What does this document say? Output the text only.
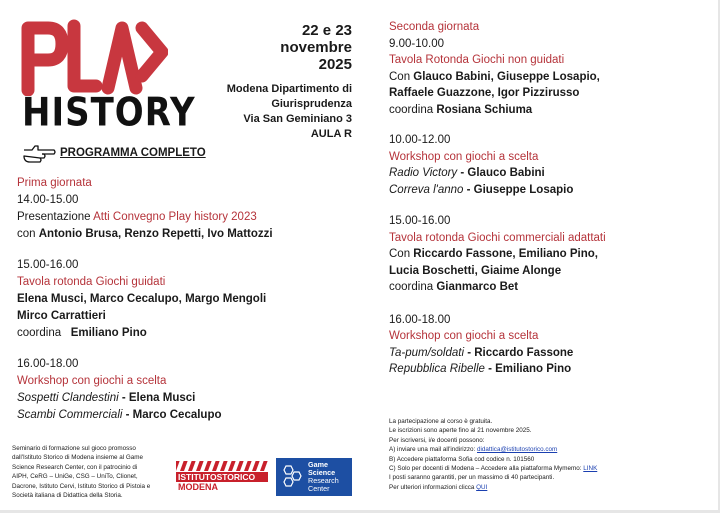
HISTORY
22 e 23
novembre
2025
Modena Dipartimento di
Giurisprudenza
Via San Geminiano 3
AULA R
PROGRAMMA COMPLETO
Prima giornata
14.00-15.00
Presentazione Atti Convegno Play history 2023
con Antonio Brusa, Renzo Repetti, Ivo Mattozzi
15.00-16.00
Tavola rotonda Giochi guidati
Elena Musci, Marco Cecalupo, Margo Mengoli
Mirco Carrattieri
coordina Emiliano Pino
16.00-18.00
Workshop con giochi a scelta
Sospetti Clandestini - Elena Musci
Scambi Commerciali - Marco Cecalupo
Seconda giornata
9.00-10.00
Tavola Rotonda Giochi non guidati
Con Glauco Babini, Giuseppe Losapio,
Raffaele Guazzone, Igor Pizzirusso
coordina Rosiana Schiuma
10.00-12.00
Workshop con giochi a scelta
Radio Victory - Glauco Babini
Correva l'anno - Giuseppe Losapio
15.00-16.00
Tavola rotonda Giochi commerciali adattati
Con Riccardo Fassone, Emiliano Pino,
Lucia Boschetti, Giaime Alonge
coordina Gianmarco Bet
16.00-18.00
Workshop con giochi a scelta
Ta-pum/soldati - Riccardo Fassone
Repubblica Ribelle - Emiliano Pino
Seminario di formazione sul gioco promosso
dall'Istituto Storico di Modena insieme al Game
Science Research Center, con il patrocinio di
AIPH, CeRG – UniGe, CSG – UniTo, Clionet,
Dacrone, Istituto Cervi, Istituto Storico di Pistoia e
Società italiana di Didattica della Storia.
ISTITUTOSTORICO
MODENA
Game
Science
Research
Center
La partecipazione al corso è gratuita.
Le iscrizioni sono aperte fino al 21 novembre 2025.
Per iscriversi, i/e docenti possono:
A) inviare una mail all'indirizzo: didattica@istitutostorico.com
B) Accedere piattaforma Sofia cod codice n. 101560
C) Solo per docenti di Modena – Accedere alla piattaforma Mymemo: LINK
I posti saranno garantiti, per un massimo di 40 partecipanti.
Per ulteriori informazioni clicca QUI
